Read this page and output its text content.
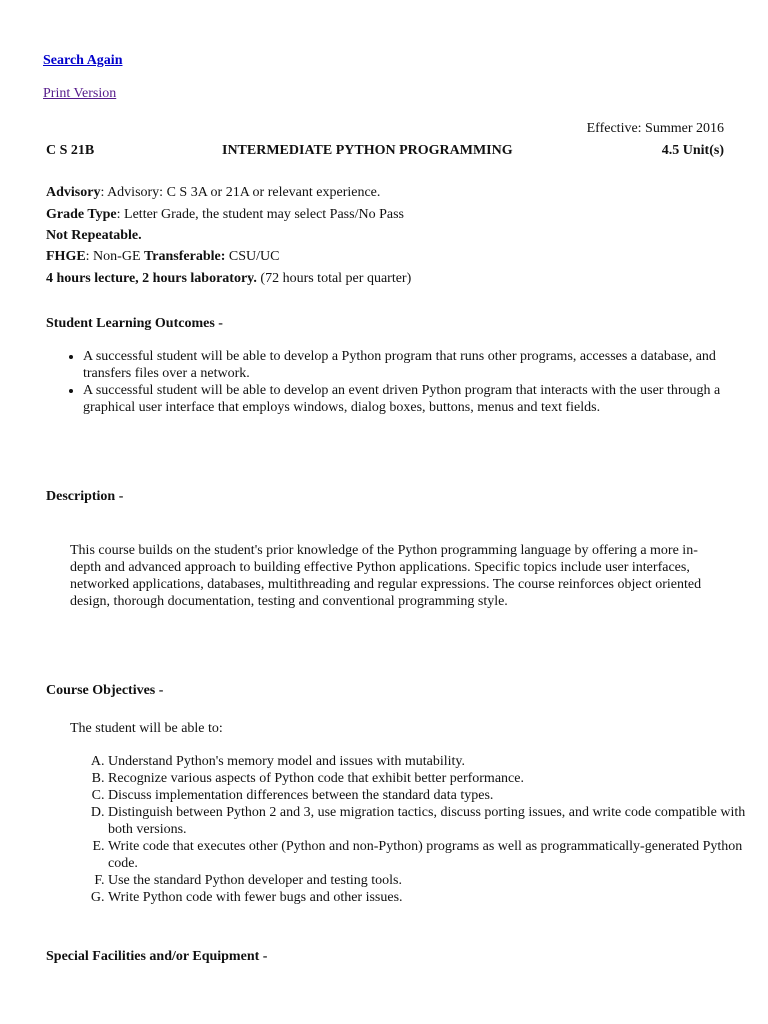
Search Again
Print Version
Effective: Summer 2016
C S 21B	INTERMEDIATE PYTHON PROGRAMMING	4.5 Unit(s)
Advisory: Advisory: C S 3A or 21A or relevant experience.
Grade Type: Letter Grade, the student may select Pass/No Pass
Not Repeatable.
FHGE: Non-GE Transferable: CSU/UC
4 hours lecture, 2 hours laboratory. (72 hours total per quarter)
Student Learning Outcomes -
• A successful student will be able to develop a Python program that runs other programs, accesses a database, and transfers files over a network.
• A successful student will be able to develop an event driven Python program that interacts with the user through a graphical user interface that employs windows, dialog boxes, buttons, menus and text fields.
Description -
This course builds on the student's prior knowledge of the Python programming language by offering a more in-depth and advanced approach to building effective Python applications. Specific topics include user interfaces, networked applications, databases, multithreading and regular expressions. The course reinforces object oriented design, thorough documentation, testing and conventional programming style.
Course Objectives -
The student will be able to:
A. Understand Python's memory model and issues with mutability.
B. Recognize various aspects of Python code that exhibit better performance.
C. Discuss implementation differences between the standard data types.
D. Distinguish between Python 2 and 3, use migration tactics, discuss porting issues, and write code compatible with both versions.
E. Write code that executes other (Python and non-Python) programs as well as programmatically-generated Python code.
F. Use the standard Python developer and testing tools.
G. Write Python code with fewer bugs and other issues.
Special Facilities and/or Equipment -
